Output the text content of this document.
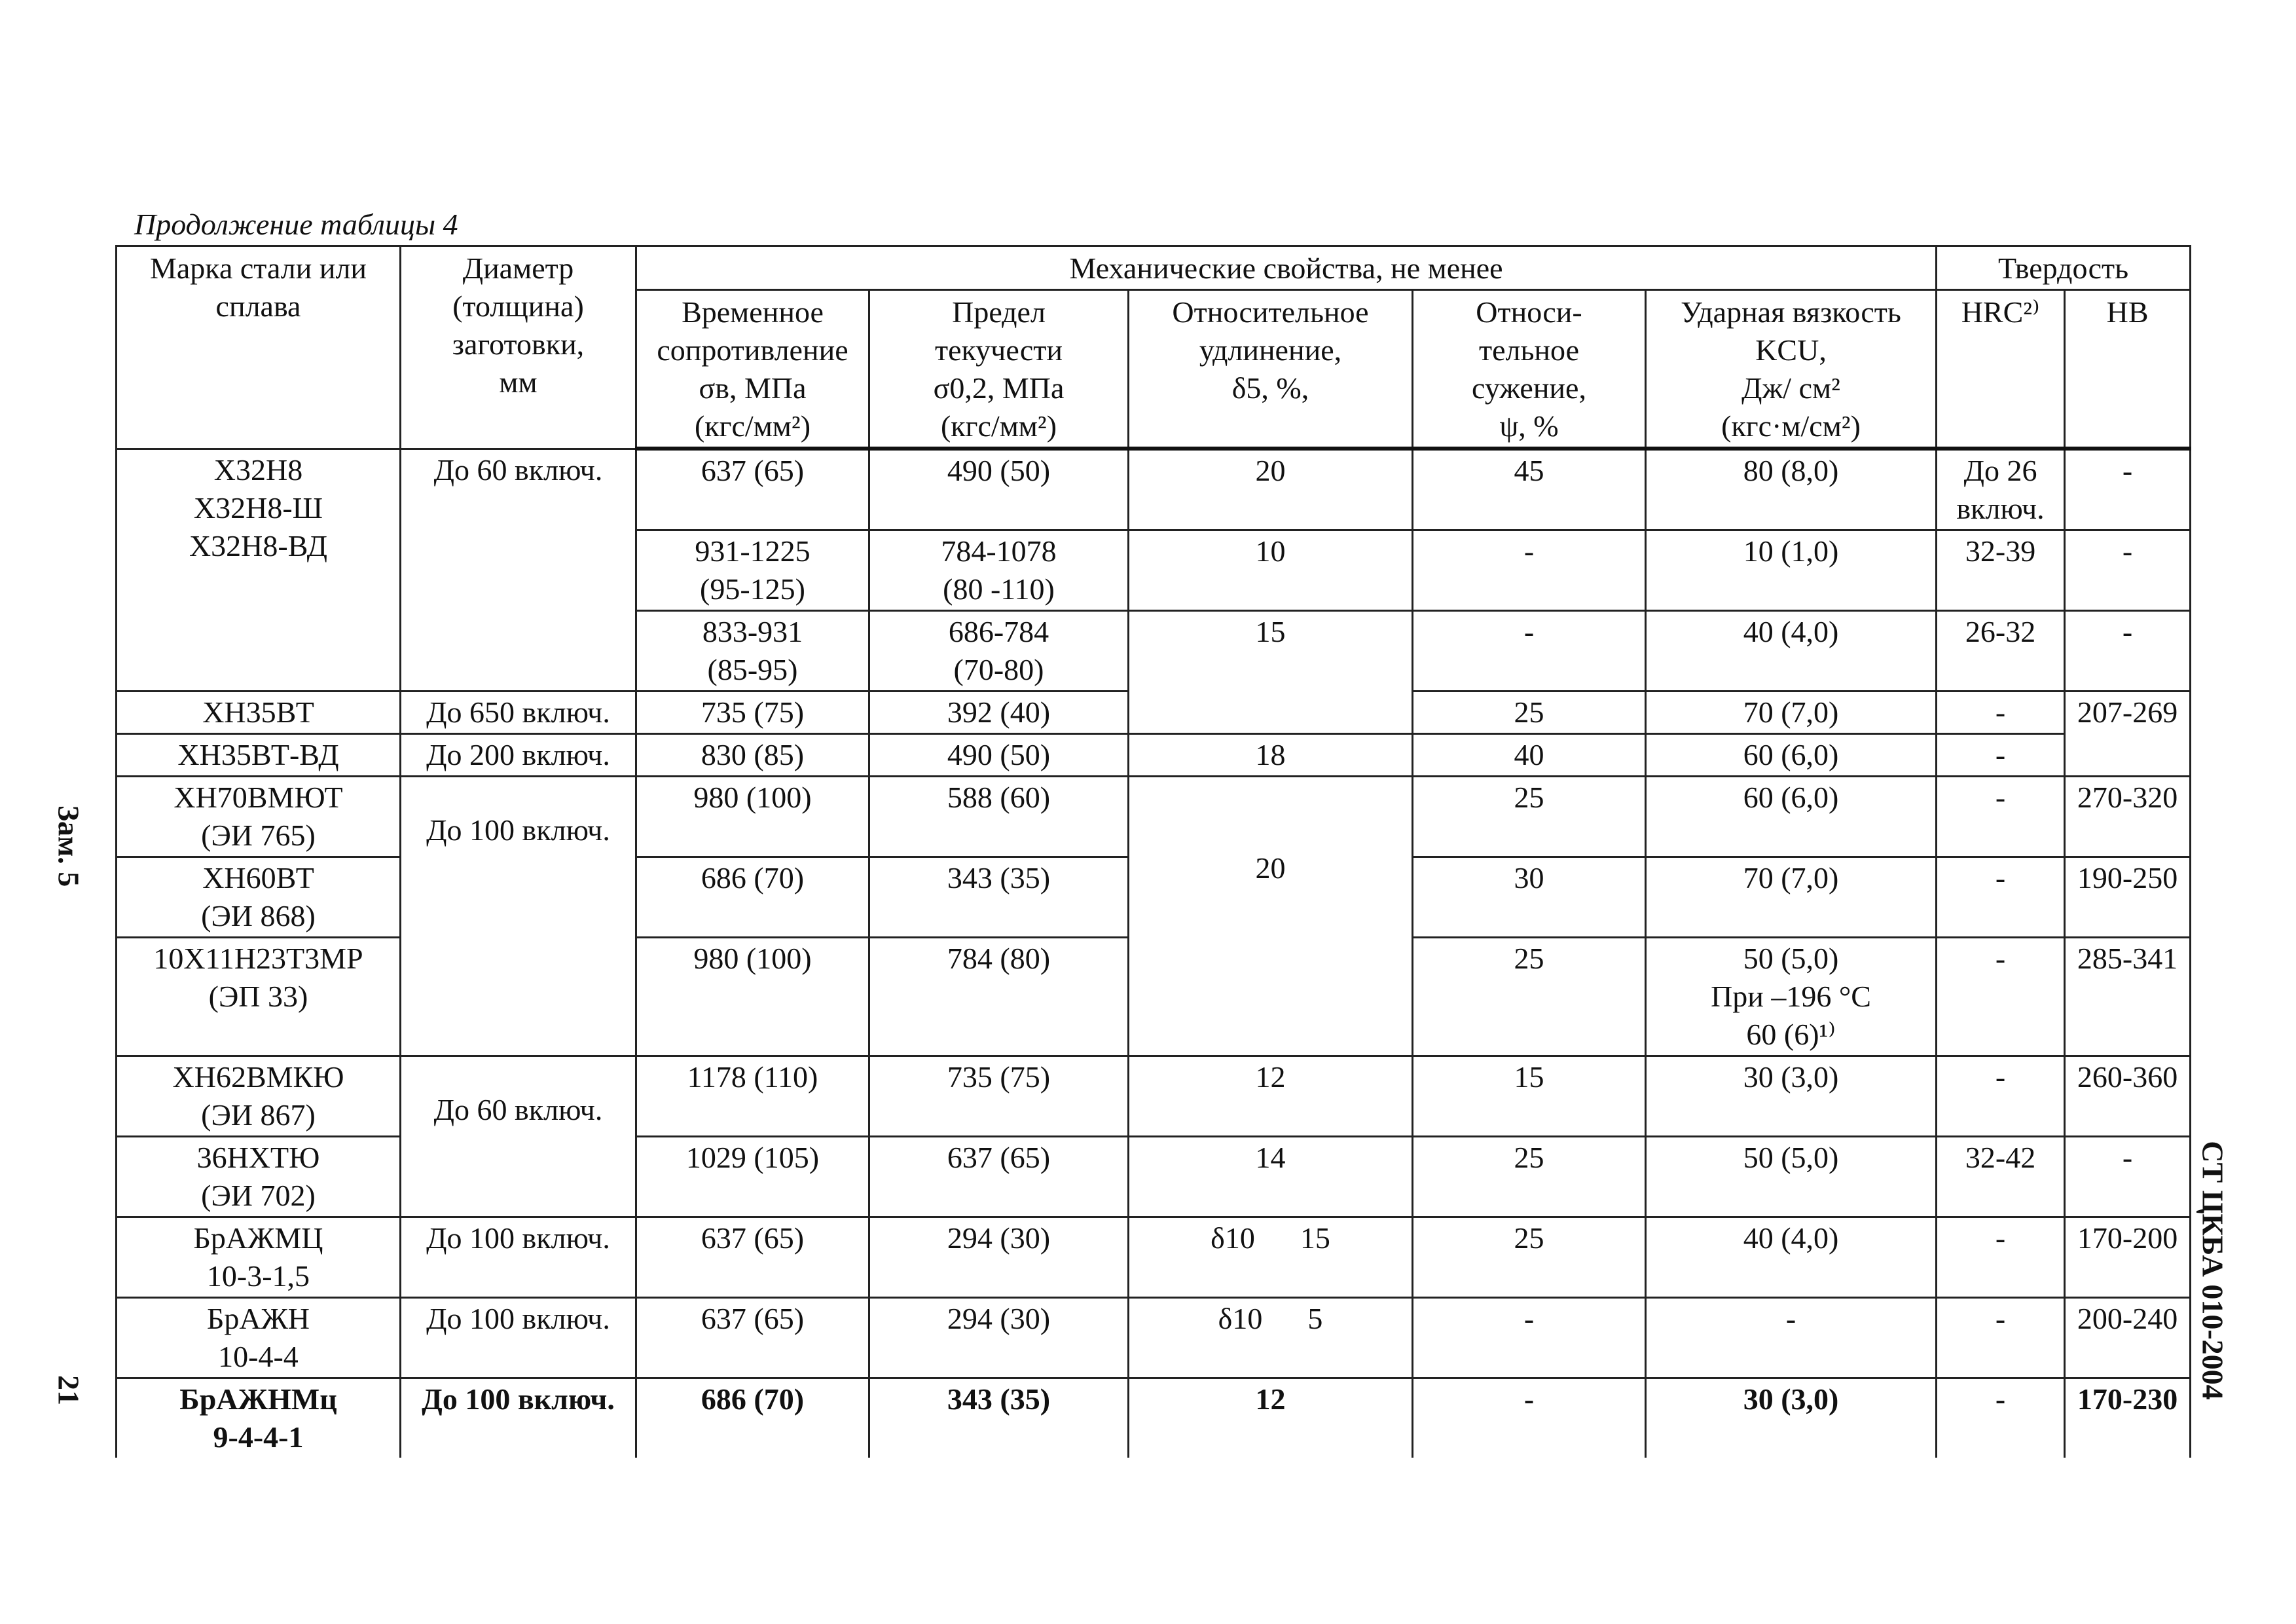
Продолжение таблицы 4
Зам. 5
21	СТ ЦКБА 010-2004
Марка стали или
сплава	Диаметр
(толщина)
заготовки,
мм	Механические свойства, не менее					Твердость	
		Временное
сопротивление
σв, МПа
(кгс/мм²)	Предел
текучести
σ0,2, МПа
(кгс/мм²)	Относительное
удлинение,
δ5, %,	Относи-
тельное
сужение,
ψ, %	Ударная вязкость
KCU,
Дж/ см²
(кгс·м/см²)	HRC²⁾	НВ
Х32Н8
Х32Н8-Ш
Х32Н8-ВД	До 60 включ.	637 (65)	490 (50)	20	45	80 (8,0)	До 26
включ.	-
		931-1225
(95-125)	784-1078
(80 -110)	10	-	10 (1,0)	32-39	-
		833-931
(85-95)	686-784
(70-80)	15	-	40 (4,0)	26-32	-
ХН35ВТ	До 650 включ.	735 (75)	392 (40)		25	70 (7,0)	-	207-269
ХН35ВТ-ВД	До 200 включ.	830 (85)	490 (50)	18	40	60 (6,0)	-	
ХН70ВМЮТ
(ЭИ 765)	До 100 включ.	980 (100)	588 (60)	20	25	60 (6,0)	-	270-320
ХН60ВТ
(ЭИ 868)		686 (70)	343 (35)		30	70 (7,0)	-	190-250
10Х11Н23Т3МР
(ЭП 33)		980 (100)	784 (80)		25	50 (5,0)
При –196 °С
60 (6)¹⁾	-	285-341
ХН62ВМКЮ
(ЭИ 867)	До 60 включ.	1178 (110)	735 (75)	12	15	30 (3,0)	-	260-360
36НХТЮ
(ЭИ 702)		1029 (105)	637 (65)	14	25	50 (5,0)	32-42	-
БрАЖМЦ
10-3-1,5	До 100 включ.	637 (65)	294 (30)	δ10      15	25	40 (4,0)	-	170-200
БрАЖН
10-4-4	До 100 включ.	637 (65)	294 (30)	δ10      5	-	-	-	200-240
БрАЖНМц
9-4-4-1	До 100 включ.	686 (70)	343 (35)	12	-	30 (3,0)	-	170-230
